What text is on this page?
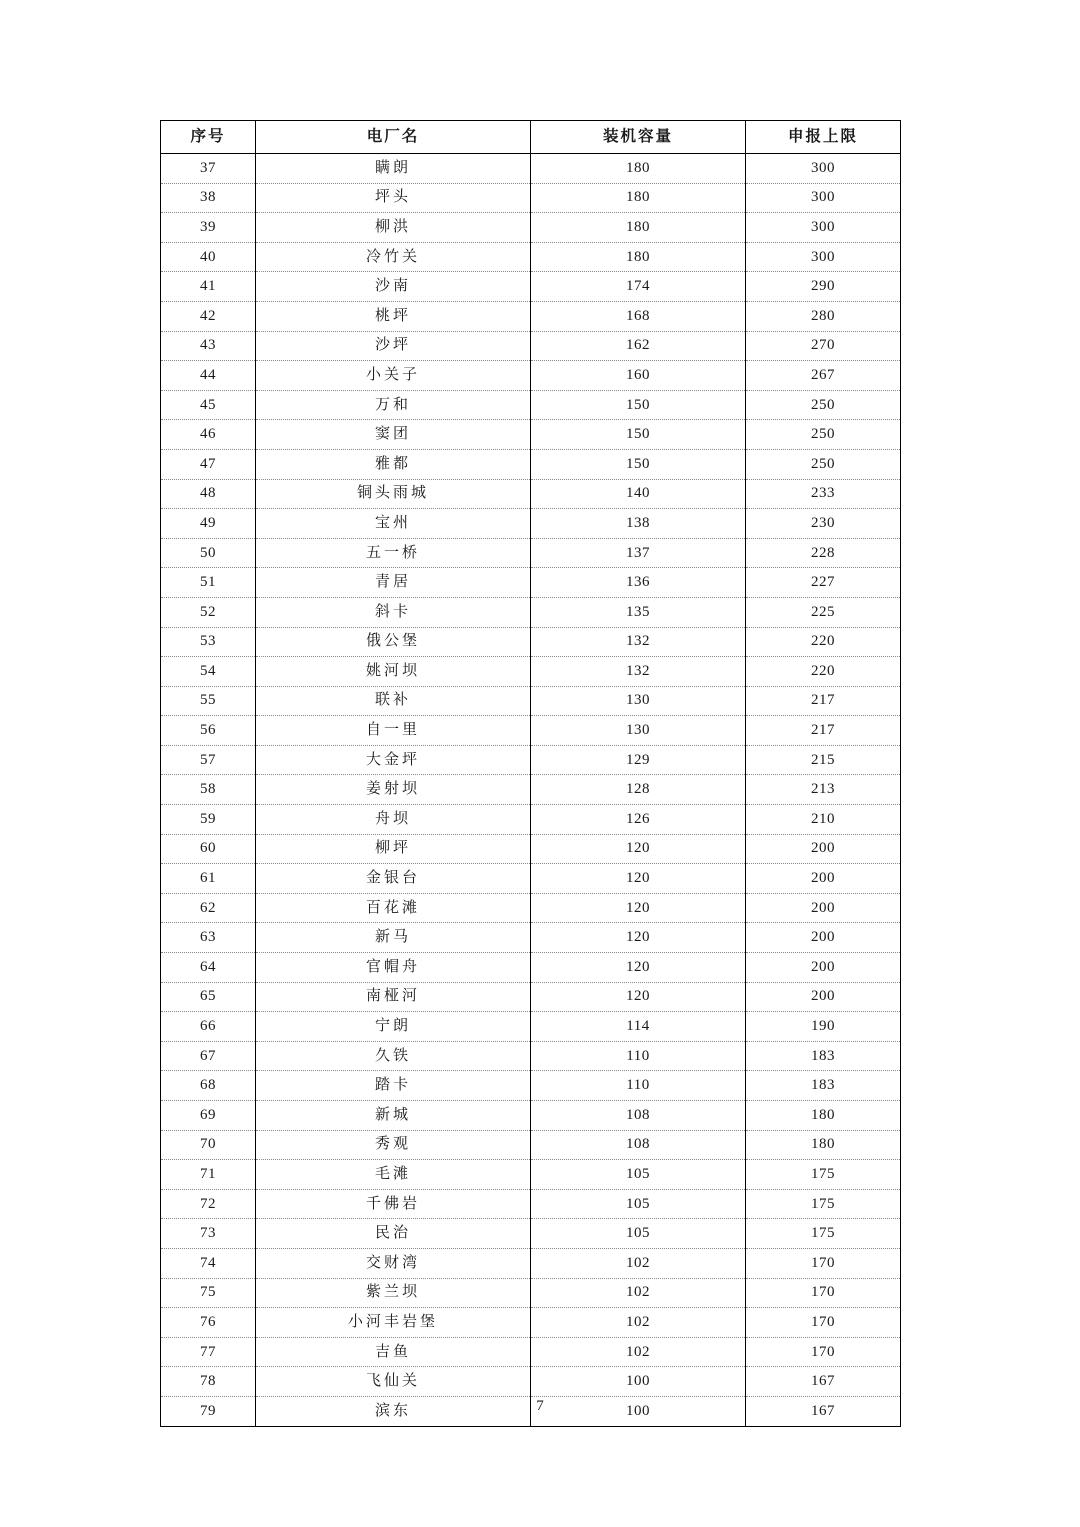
序号	电厂名	装机容量	申报上限
37	瞒朗	180	300
38	坪头	180	300
39	柳洪	180	300
40	冷竹关	180	300
41	沙南	174	290
42	桃坪	168	280
43	沙坪	162	270
44	小关子	160	267
45	万和	150	250
46	窦团	150	250
47	雅都	150	250
48	铜头雨城	140	233
49	宝州	138	230
50	五一桥	137	228
51	青居	136	227
52	斜卡	135	225
53	俄公堡	132	220
54	姚河坝	132	220
55	联补	130	217
56	自一里	130	217
57	大金坪	129	215
58	姜射坝	128	213
59	舟坝	126	210
60	柳坪	120	200
61	金银台	120	200
62	百花滩	120	200
63	新马	120	200
64	官帽舟	120	200
65	南桠河	120	200
66	宁朗	114	190
67	久铁	110	183
68	踏卡	110	183
69	新城	108	180
70	秀观	108	180
71	毛滩	105	175
72	千佛岩	105	175
73	民治	105	175
74	交财湾	102	170
75	紫兰坝	102	170
76	小河丰岩堡	102	170
77	吉鱼	102	170
78	飞仙关	100	167
79	滨东	100	167
7
